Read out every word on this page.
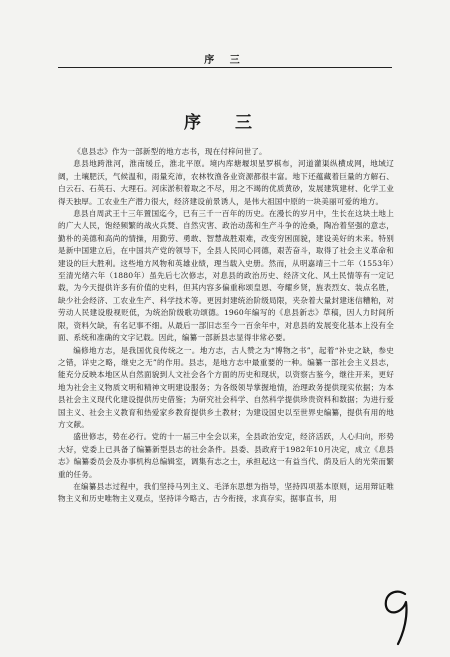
序 三
序 三

《息县志》作为一部新型的地方志书，现在付梓问世了。

息县地跨淮河，淮南缓丘，淮北平原。境内库塘堰坝星罗棋布，河道灌渠纵横成网，地域辽阔，土壤肥沃，气候温和，雨量充沛，农林牧渔各业资源都很丰富。地下还蕴藏着巨量的方解石、白云石、石英石、大理石。河床淤积着取之不尽，用之不竭的优质黄砂，发展建筑建材、化学工业得天独厚。工农业生产潜力很大，经济建设前景诱人，是伟大祖国中原的一块美丽可爱的地方。

息县自周武王十三年置国迄今，已有三千一百年的历史。在漫长的岁月中，生长在这块土地上的广大人民，饱经频繁的战火兵燹、自然灾害、政治动荡和生产斗争的沧桑，陶冶着坚强的意志，勤朴的美德和高尚的情操，用勤劳、勇敢、智慧战胜艰难，改变穷困面貌，建设美好的未来。特别是新中国建立后，在中国共产党的领导下，全县人民同心同德，艰苦奋斗，取得了社会主义革命和建设的巨大胜利。这些地方风物和英雄业绩，理当载入史册。然而，从明嘉靖三十二年（1553年）至清光绪六年（1880年）虽先后七次修志，对息县的政治历史、经济文化、风土民情等有一定记载，为今天提供许多有价值的史料，但其内容多偏重称颂皇恩、夸耀乡贤，旌表烈女、装点名胜，缺少社会经济、工农业生产、科学技术等。更因封建统治阶级局限，夹杂着大量封建迷信糟粕，对劳动人民建设殷视贬低，为统治阶级歌功颂德。1960年编写的《息县新志》草稿，因人力时间所限，资料欠缺，有名记事不细。从最后一部旧志至今一百余年中，对息县的发展变化基本上没有全面、系统和准确的文字记载。因此，编纂一部新县志显得非常必要。

编修地方志，是我国优良传统之一。地方志，古人赞之为“博物之书”，起着“补史之缺，参史之错，详史之略，继史之无”的作用。县志，是地方志中最重要的一种。编纂一部社会主义县志，能充分反映本地区从自然面貌到人文社会各个方面的历史和现状，以资察古鉴今，继往开来，更好地为社会主义物质文明和精神文明建设服务；为各级领导掌握地情，治理政务提供现实依据；为本县社会主义现代化建设提供历史借鉴；为研究社会科学、自然科学提供珍贵资料和数据；为进行爱国主义、社会主义教育和热爱家乡教育提供乡土教材；为建设国史以至世界史编纂，提供有用的地方文献。

盛世修志，势在必行。党的十一届三中全会以来，全县政治安定，经济活跃，人心归向，形势大好，党委上已具备了编纂新型县志的社会条件。县委、县政府于1982年10月决定，成立《息县志》编纂委员会及办事机构总编辑室，调集有志之士，承担起这一有益当代、荫及后人的光荣而繁重的任务。

在编纂县志过程中，我们坚持马列主义、毛泽东思想为指导，坚持四项基本原则，运用辩证唯物主义和历史唯物主义观点，坚持详今略古，古今衔接，求真存实，据事直书，用
